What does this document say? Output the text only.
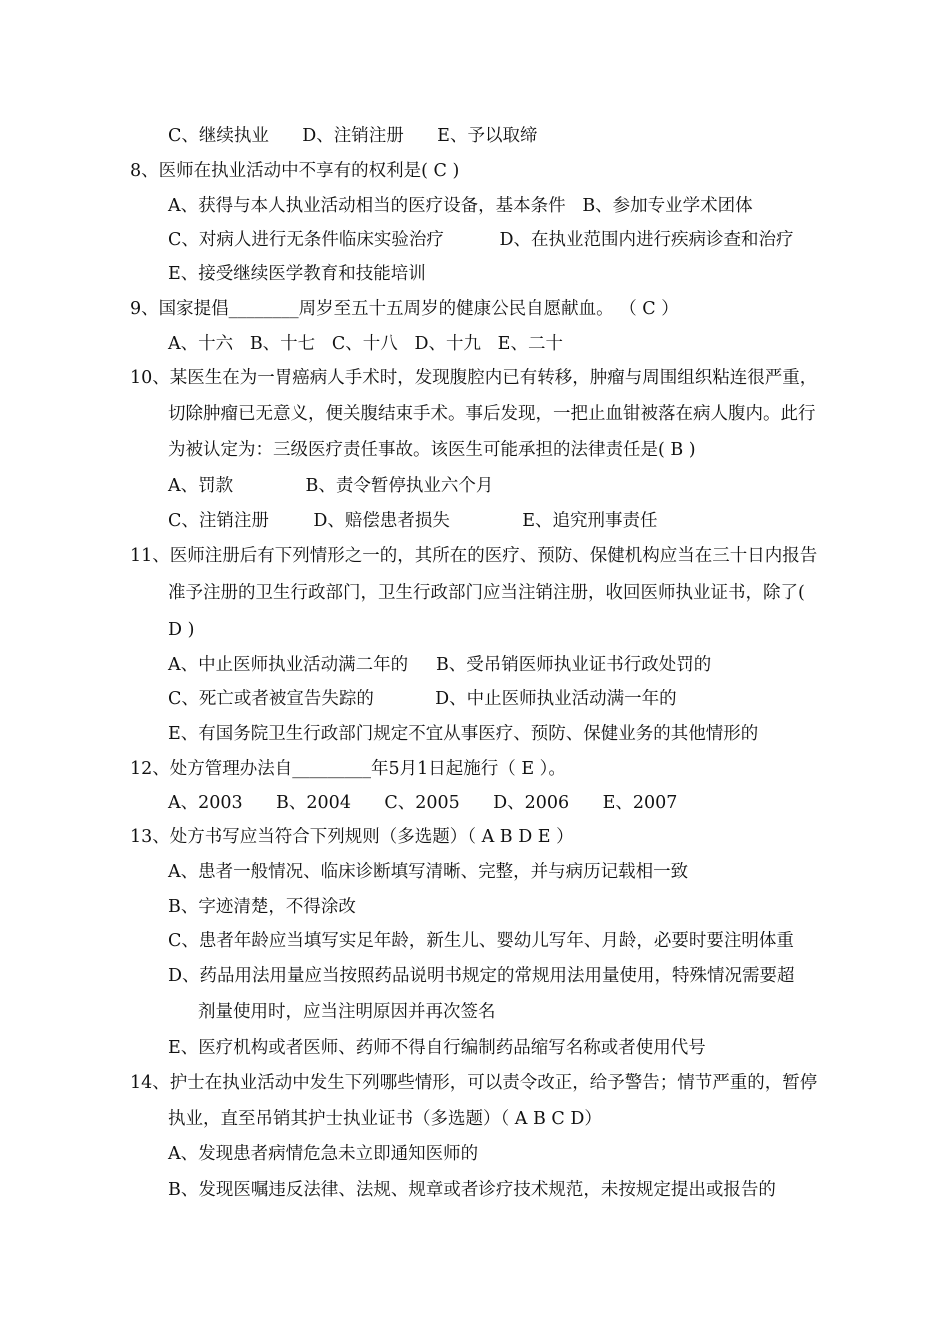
C、继续执业      D、注销注册      E、予以取缔
8、医师在执业活动中不享有的权利是( C )
A、获得与本人执业活动相当的医疗设备，基本条件   B、参加专业学术团体
C、对病人进行无条件临床实验治疗          D、在执业范围内进行疾病诊查和治疗
E、接受继续医学教育和技能培训
9、国家提倡________周岁至五十五周岁的健康公民自愿献血。 （ C ）
A、十六   B、十七   C、十八   D、十九   E、二十
10、某医生在为一胃癌病人手术时，发现腹腔内已有转移，肿瘤与周围组织粘连很严重，
切除肿瘤已无意义，便关腹结束手术。事后发现，一把止血钳被落在病人腹内。此行
为被认定为：三级医疗责任事故。该医生可能承担的法律责任是( B )
A、罚款             B、责令暂停执业六个月
C、注销注册        D、赔偿患者损失             E、追究刑事责任
11、医师注册后有下列情形之一的，其所在的医疗、预防、保健机构应当在三十日内报告
准予注册的卫生行政部门，卫生行政部门应当注销注册，收回医师执业证书，除了(
D )
A、中止医师执业活动满二年的     B、受吊销医师执业证书行政处罚的
C、死亡或者被宣告失踪的           D、中止医师执业活动满一年的
E、有国务院卫生行政部门规定不宜从事医疗、预防、保健业务的其他情形的
12、处方管理办法自_________年5月1日起施行（ E ）。
A、2003      B、2004      C、2005      D、2006      E、2007
13、处方书写应当符合下列规则（多选题）（ A B D E ）
A、患者一般情况、临床诊断填写清晰、完整，并与病历记载相一致
B、字迹清楚，不得涂改
C、患者年龄应当填写实足年龄，新生儿、婴幼儿写年、月龄，必要时要注明体重
D、药品用法用量应当按照药品说明书规定的常规用法用量使用，特殊情况需要超
剂量使用时，应当注明原因并再次签名
E、医疗机构或者医师、药师不得自行编制药品缩写名称或者使用代号
14、护士在执业活动中发生下列哪些情形，可以责令改正，给予警告；情节严重的，暂停
执业，直至吊销其护士执业证书（多选题）（ A B C D）
A、发现患者病情危急未立即通知医师的
B、发现医嘱违反法律、法规、规章或者诊疗技术规范，未按规定提出或报告的
